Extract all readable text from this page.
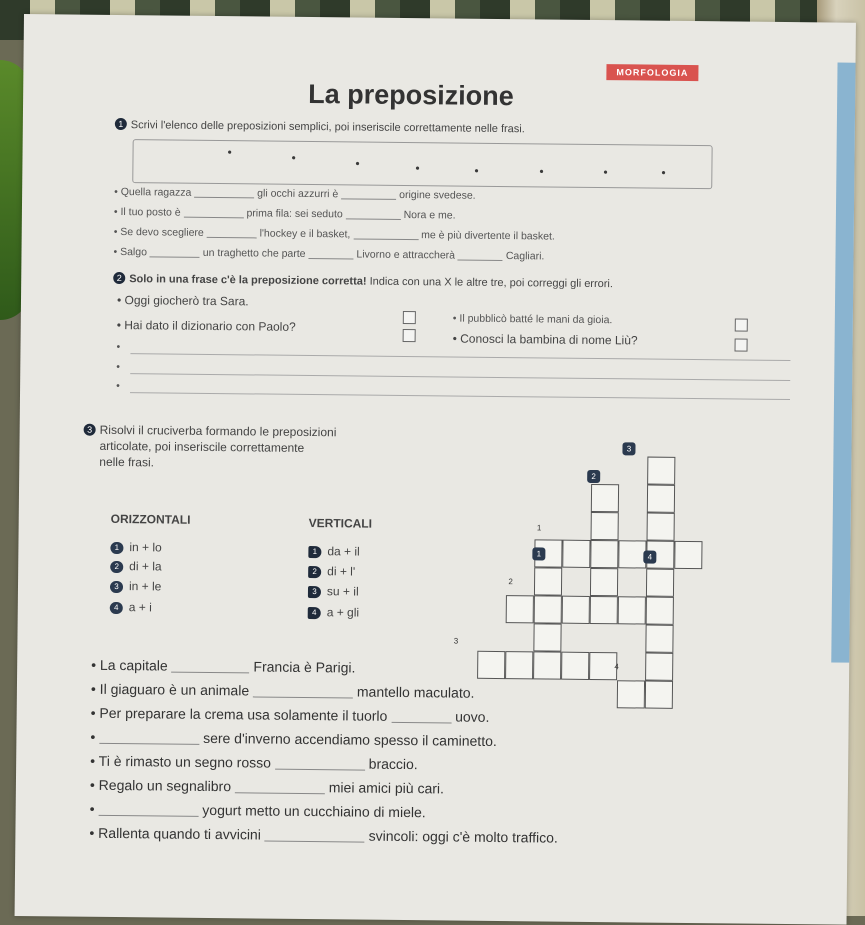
MORFOLOGIA
La preposizione
1 Scrivi l'elenco delle preposizioni semplici, poi inseriscile correttamente nelle frasi.
•	•	•	•	•	•	•	•
• Quella ragazza	gli occhi azzurri è	origine svedese.
• Il tuo posto è	prima fila: sei seduto	Nora e me.
• Se devo scegliere	l'hockey e il basket,	me è più divertente il basket.
• Salgo	un traghetto che parte	Livorno e attraccherà	Cagliari.
2 Solo in una frase c'è la preposizione corretta! Indica con una X le altre tre, poi correggi gli errori.
• Oggi giocherò tra Sara.
• Hai dato il dizionario con Paolo?	• Il pubblicò batté le mani da gioia.
• Conosci la bambina di nome Liù?
•
•
•
3 Risolvi il cruciverba formando le preposizioni
articolate, poi inseriscile correttamente
nelle frasi.
ORIZZONTALI	VERTICALI
1 in + lo
2 di + la
3 in + le
4 a + i
1 da + il
2 di + l'
3 su + il
4 a + gli
3
2
1
1	4
2
3
4
• La capitale	Francia è Parigi.
• Il giaguaro è un animale	mantello maculato.
• Per preparare la crema usa solamente il tuorlo	uovo.
•	sere d'inverno accendiamo spesso il caminetto.
• Ti è rimasto un segno rosso	braccio.
• Regalo un segnalibro	miei amici più cari.
•	yogurt metto un cucchiaino di miele.
• Rallenta quando ti avvicini	svincoli: oggi c'è molto traffico.
